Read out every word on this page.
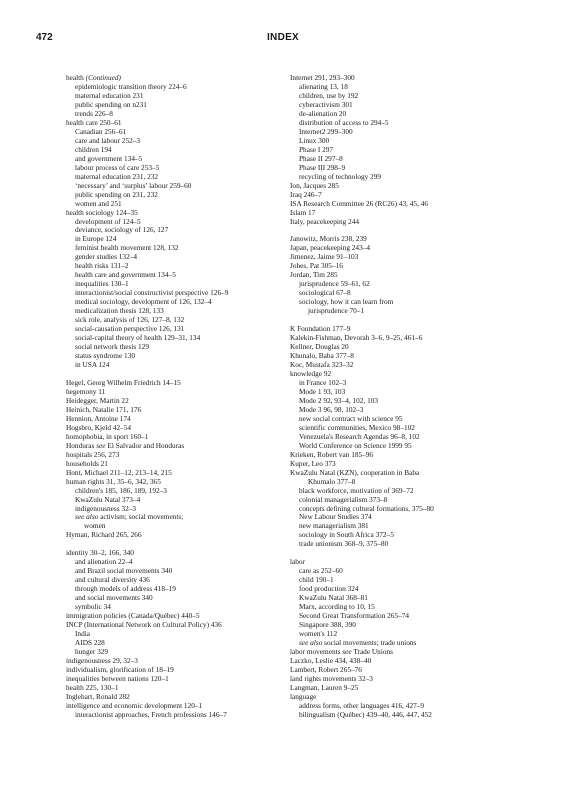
472	INDEX
health (Continued)
epidemiologic transition theory 224–6
maternal education 231
public spending on n231
trends 226–8
health care 250–61
Canadian 256–61
care and labour 252–3
children 194
and government 134–5
labour process of care 253–5
maternal education 231, 232
‘necessary’ and ‘surplus’ labour 259–60
public spending on 231, 232
women and 251
health sociology 124–35
development of 124–5
deviance, sociology of 126, 127
in Europe 124
feminist health movement 128, 132
gender studies 132–4
health risks 131–2
health care and government 134–5
inequalities 130–1
interactionist/social constructivist perspective 126–9
medical sociology, development of 126, 132–4
medicalization thesis 128, 133
sick role, analysis of 126, 127–8, 132
social-causation perspective 126, 131
social-capital theory of health 129–31, 134
social network thesis 129
status syndrome 130
in USA 124
Hegel, Georg Wilhelm Friedrich 14–15
hegemony 11
Heidegger, Martin 22
Heinich, Natalie 171, 176
Hennion, Antoine 174
Hogsbro, Kjeld 42–54
homophobia, in sport 160–1
Honduras see El Salvador and Honduras
hospitals 256, 273
households 21
Hont, Michael 211–12, 213–14, 215
human rights 31, 35–6, 342, 365
children's 185, 186, 189, 192–3
KwaZulu Natal 373–4
indigenousness 32–3
see also activism; social movements;
women
Hyman, Richard 265, 266
identity 30–2, 166, 340
and alienation 22–4
and Brazil social movements 340
and cultural diversity 436
through models of address 418–19
and social movements 340
symbolic 34
immigration policies (Canada/Québec) 440–5
INCP (International Network on Cultural Policy) 436
India
AIDS 228
hunger 329
indigenousness 29, 32–3
individualism, glorification of 18–19
inequalities between nations 120–1
health 225, 130–1
Inglehart, Ronald 282
intelligence and economic development 120–1
interactionist approaches, French professions 146–7
Internet 291, 293–300
alienating 13, 18
children, use by 192
cyberactivism 301
de-alienation 20
distribution of access to 294–5
Internet2 299–300
Linux 300
Phase I 297
Phase II 297–8
Phase III 298–9
recycling of technology 299
Ion, Jacques 285
Iraq 246–7
ISA Research Committee 26 (RC26) 43, 45, 46
Islam 17
Italy, peacekeeping 244
Janowitz, Morris 238, 239
Japan, peacekeeping 243–4
Jimenez, Jaime 91–103
Johes, Pat 305–16
Jordan, Tim 285
jurisprudence 59–61, 62
sociological 67–8
sociology, how it can learn from
jurisprudence 70–1
K Foundation 177–9
Kalekin-Fishman, Devorah 3–6, 9–25, 461–6
Kellner, Douglas 20
Khunalo, Baba 377–8
Koc, Mustafa 323–32
knowledge 92
in France 102–3
Mode 1 93, 103
Mode 2 92, 93–4, 102, 103
Mode 3 96, 98, 102–3
new social contract with science 95
scientific communities, Mexico 98–102
Venezuela's Research Agendas 96–8, 102
World Conference on Science 1999 95
Krieken, Robert van 185–96
Kuper, Leo 373
KwaZulu Natal (KZN), cooperation in Baba
Khumalo 377–8
black workforce, motivation of 369–72
colonial managerialism 373–8
concepts defining cultural formations, 375–80
New Labour Studies 374
new managerialism 381
sociology in South Africa 372–5
trade unionism 368–9, 375–80
labor
care as 252–60
child 190–1
food production 324
KwaZulu Natal 368–81
Marx, according to 10, 15
Second Great Transformation 265–74
Singapore 388, 390
women's 112
see also social movements; trade unions
labor movements see Trade Unions
Laczko, Leslie 434, 438–40
Lambert, Robert 265–76
land rights movements 32–3
Langman, Lauren 9–25
language
address forms, other languages 416, 427–9
bilingualism (Québec) 439–40, 446, 447, 452
